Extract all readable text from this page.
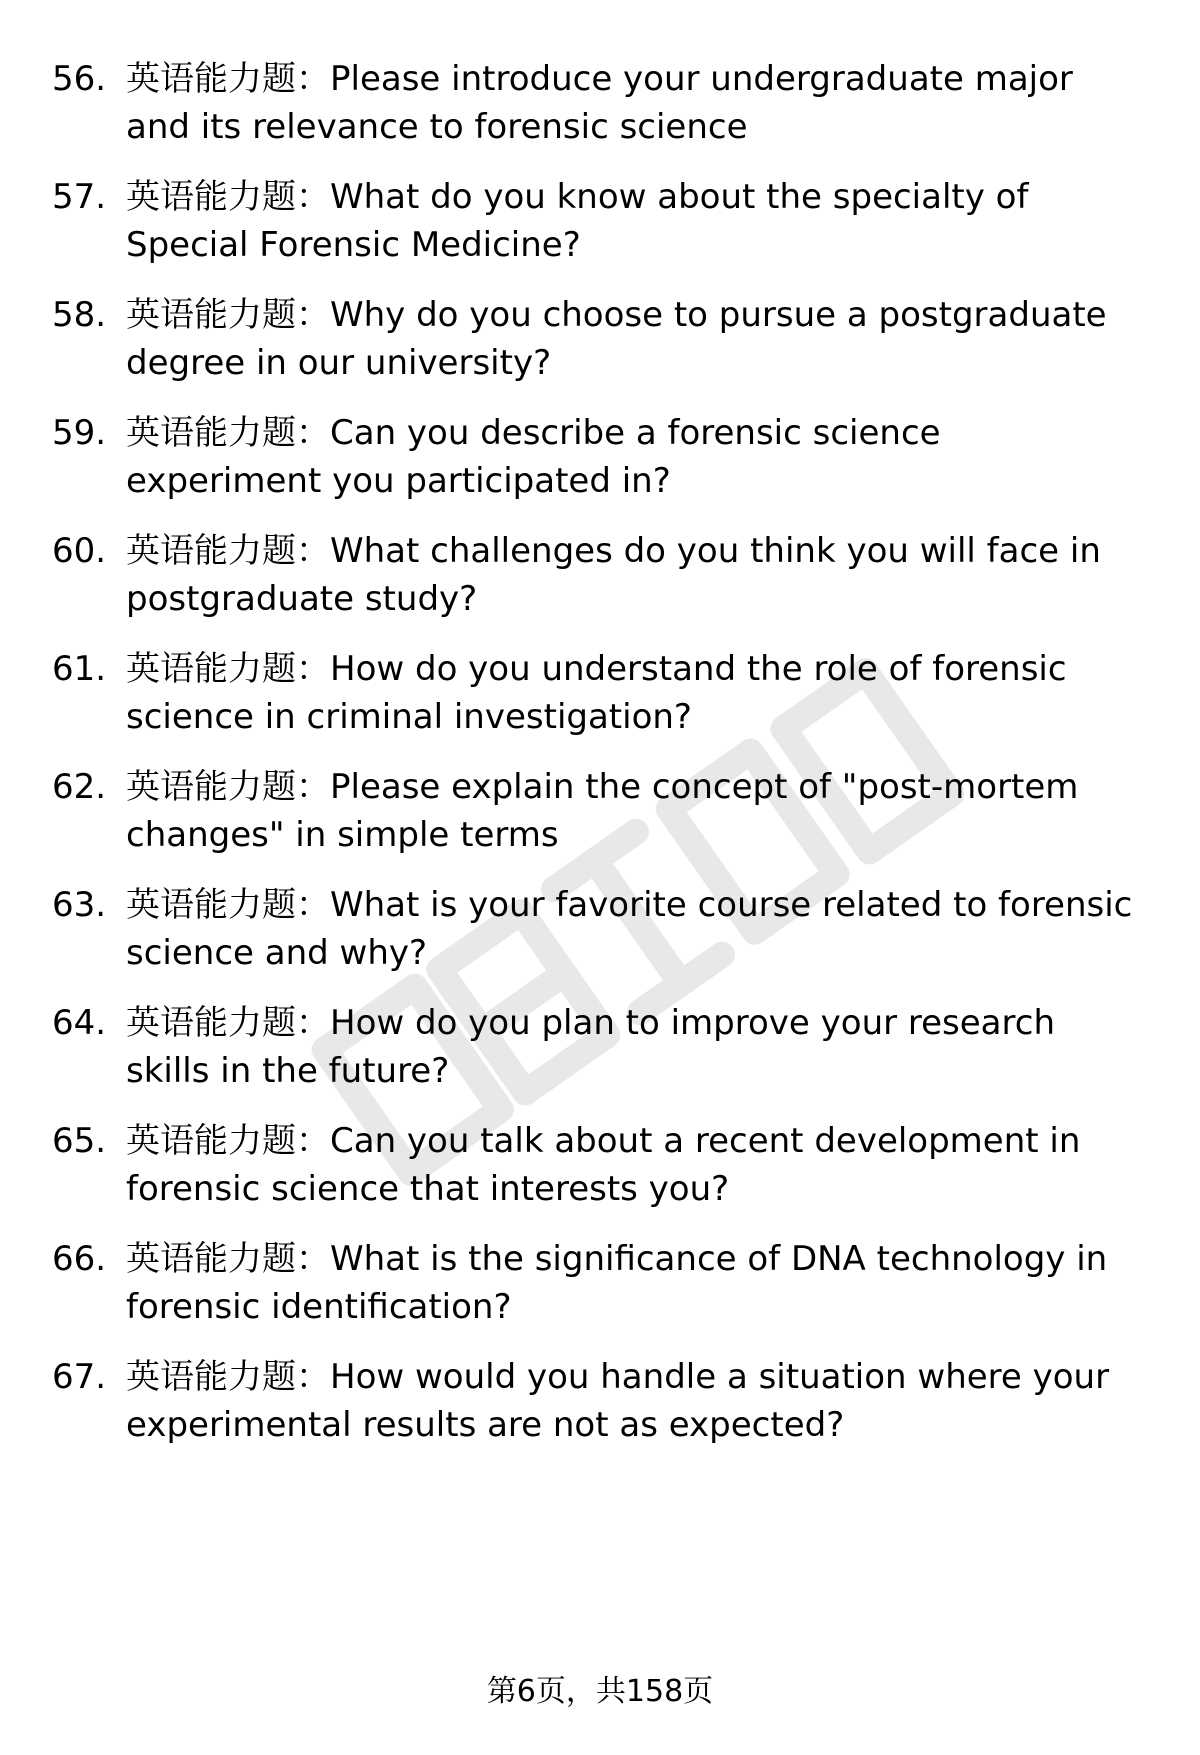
56. 英语能力题：Please introduce your undergraduate major
and its relevance to forensic science
57. 英语能力题：What do you know about the specialty of
Special Forensic Medicine?
58. 英语能力题：Why do you choose to pursue a postgraduate
degree in our university?
59. 英语能力题：Can you describe a forensic science
experiment you participated in?
60. 英语能力题：What challenges do you think you will face in
postgraduate study?
61. 英语能力题：How do you understand the role of forensic
science in criminal investigation?
62. 英语能力题：Please explain the concept of "post-mortem
changes" in simple terms
63. 英语能力题：What is your favorite course related to forensic
science and why?
64. 英语能力题：How do you plan to improve your research
skills in the future?
65. 英语能力题：Can you talk about a recent development in
forensic science that interests you?
66. 英语能力题：What is the significance of DNA technology in
forensic identification?
67. 英语能力题：How would you handle a situation where your
experimental results are not as expected?
第6页，共158页
